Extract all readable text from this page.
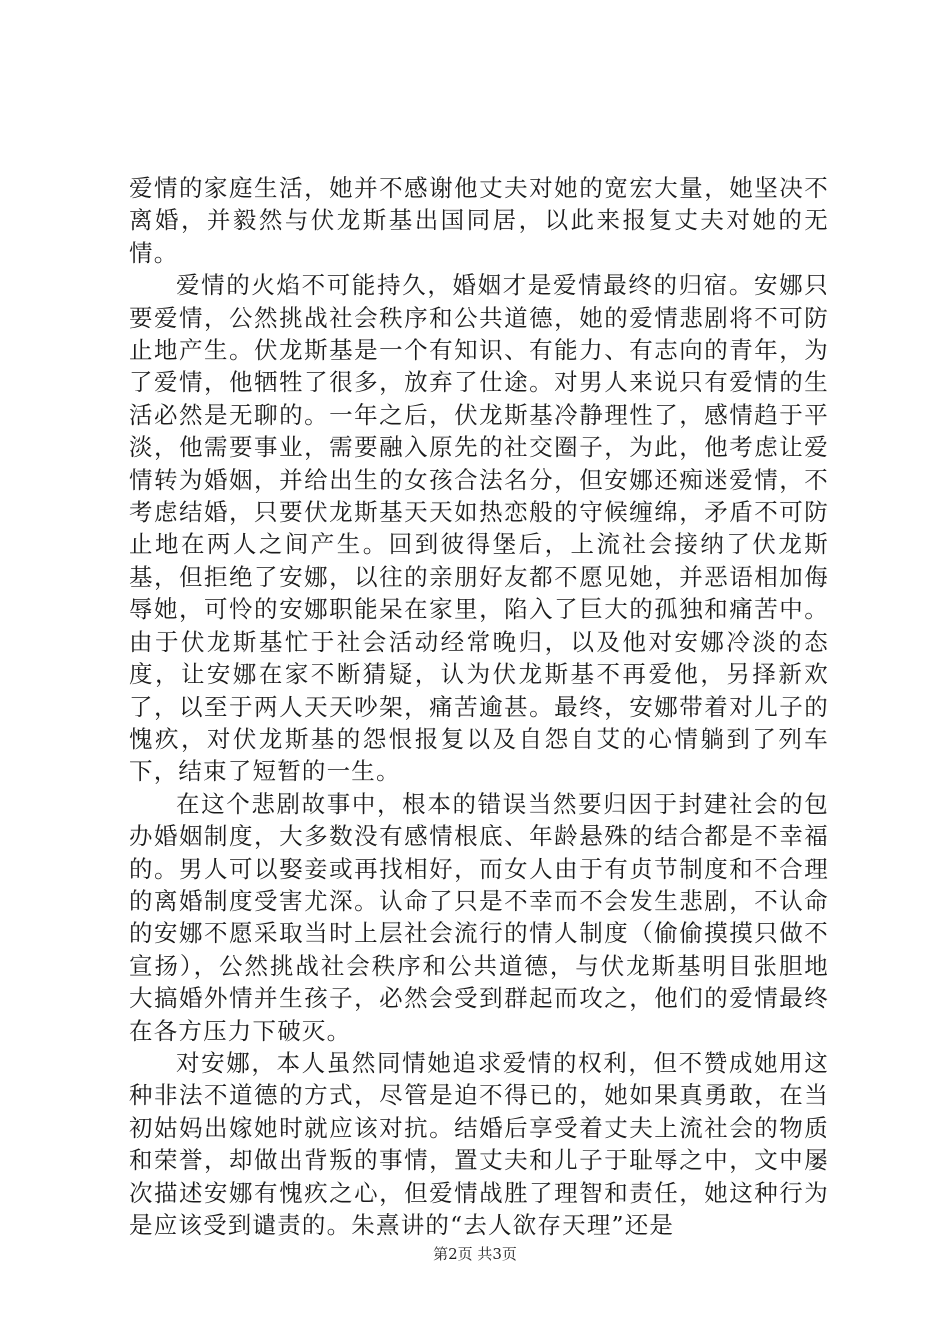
爱情的家庭生活，她并不感谢他丈夫对她的宽宏大量，她坚决不离婚，并毅然与伏龙斯基出国同居，以此来报复丈夫对她的无情。

爱情的火焰不可能持久，婚姻才是爱情最终的归宿。安娜只要爱情，公然挑战社会秩序和公共道德，她的爱情悲剧将不可防止地产生。伏龙斯基是一个有知识、有能力、有志向的青年，为了爱情，他牺牲了很多，放弃了仕途。对男人来说只有爱情的生活必然是无聊的。一年之后，伏龙斯基冷静理性了，感情趋于平淡，他需要事业，需要融入原先的社交圈子，为此，他考虑让爱情转为婚姻，并给出生的女孩合法名分，但安娜还痴迷爱情，不考虑结婚，只要伏龙斯基天天如热恋般的守候缠绵，矛盾不可防止地在两人之间产生。回到彼得堡后，上流社会接纳了伏龙斯基，但拒绝了安娜，以往的亲朋好友都不愿见她，并恶语相加侮辱她，可怜的安娜职能呆在家里，陷入了巨大的孤独和痛苦中。由于伏龙斯基忙于社会活动经常晚归，以及他对安娜冷淡的态度，让安娜在家不断猜疑，认为伏龙斯基不再爱他，另择新欢了，以至于两人天天吵架，痛苦逾甚。最终，安娜带着对儿子的愧疚，对伏龙斯基的怨恨报复以及自怨自艾的心情躺到了列车下，结束了短暂的一生。

在这个悲剧故事中，根本的错误当然要归因于封建社会的包办婚姻制度，大多数没有感情根底、年龄悬殊的结合都是不幸福的。男人可以娶妾或再找相好，而女人由于有贞节制度和不合理的离婚制度受害尤深。认命了只是不幸而不会发生悲剧，不认命的安娜不愿采取当时上层社会流行的情人制度（偷偷摸摸只做不宣扬），公然挑战社会秩序和公共道德，与伏龙斯基明目张胆地大搞婚外情并生孩子，必然会受到群起而攻之，他们的爱情最终在各方压力下破灭。

对安娜，本人虽然同情她追求爱情的权利，但不赞成她用这种非法不道德的方式，尽管是迫不得已的，她如果真勇敢，在当初姑妈出嫁她时就应该对抗。结婚后享受着丈夫上流社会的物质和荣誉，却做出背叛的事情，置丈夫和儿子于耻辱之中，文中屡次描述安娜有愧疚之心，但爱情战胜了理智和责任，她这种行为是应该受到谴责的。朱熹讲的“去人欲存天理”还是

第2页 共3页
